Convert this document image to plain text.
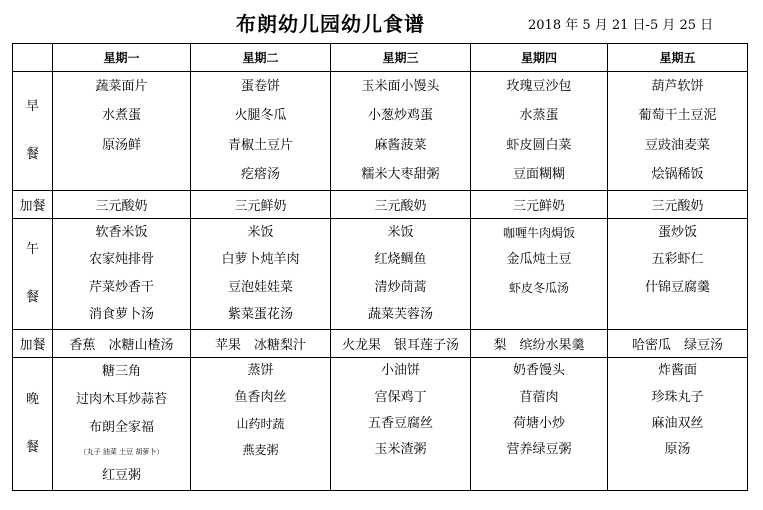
布朗幼儿园幼儿食谱	2018 年 5 月 21 日-5 月 25 日
	星期一	星期二	星期三	星期四	星期五

早
餐	蔬菜面片
水煮蛋
原汤鲜	蛋卷饼
火腿冬瓜
青椒土豆片
疙瘩汤	玉米面小馒头
小葱炒鸡蛋
麻酱菠菜
糯米大枣甜粥	玫瑰豆沙包
水蒸蛋
虾皮圆白菜
豆面糊糊	葫芦软饼
葡萄干土豆泥
豆豉油麦菜
烩锅稀饭

加餐	三元酸奶	三元鲜奶	三元酸奶	三元鲜奶	三元酸奶

午
餐	软香米饭
农家炖排骨
芹菜炒香干
消食萝卜汤	米饭
白萝卜炖羊肉
豆泡娃娃菜
紫菜蛋花汤	米饭
红烧鲷鱼
清炒茼蒿
蔬菜芙蓉汤	咖喱牛肉焗饭
金瓜炖土豆
虾皮冬瓜汤	蛋炒饭
五彩虾仁
什锦豆腐羹

加餐	香蕉　冰糖山楂汤	苹果　冰糖梨汁	火龙果　银耳莲子汤	梨　缤纷水果羹	哈密瓜　绿豆汤

晚
餐	糖三角
过肉木耳炒蒜苔
布朗全家福
（丸子 油菜 土豆 胡萝卜）
红豆粥	蒸饼
鱼香肉丝
山药时蔬
燕麦粥	小油饼
宫保鸡丁
五香豆腐丝
玉米渣粥	奶香馒头
苜蓿肉
荷塘小炒
营养绿豆粥	炸酱面
珍珠丸子
麻油双丝
原汤
